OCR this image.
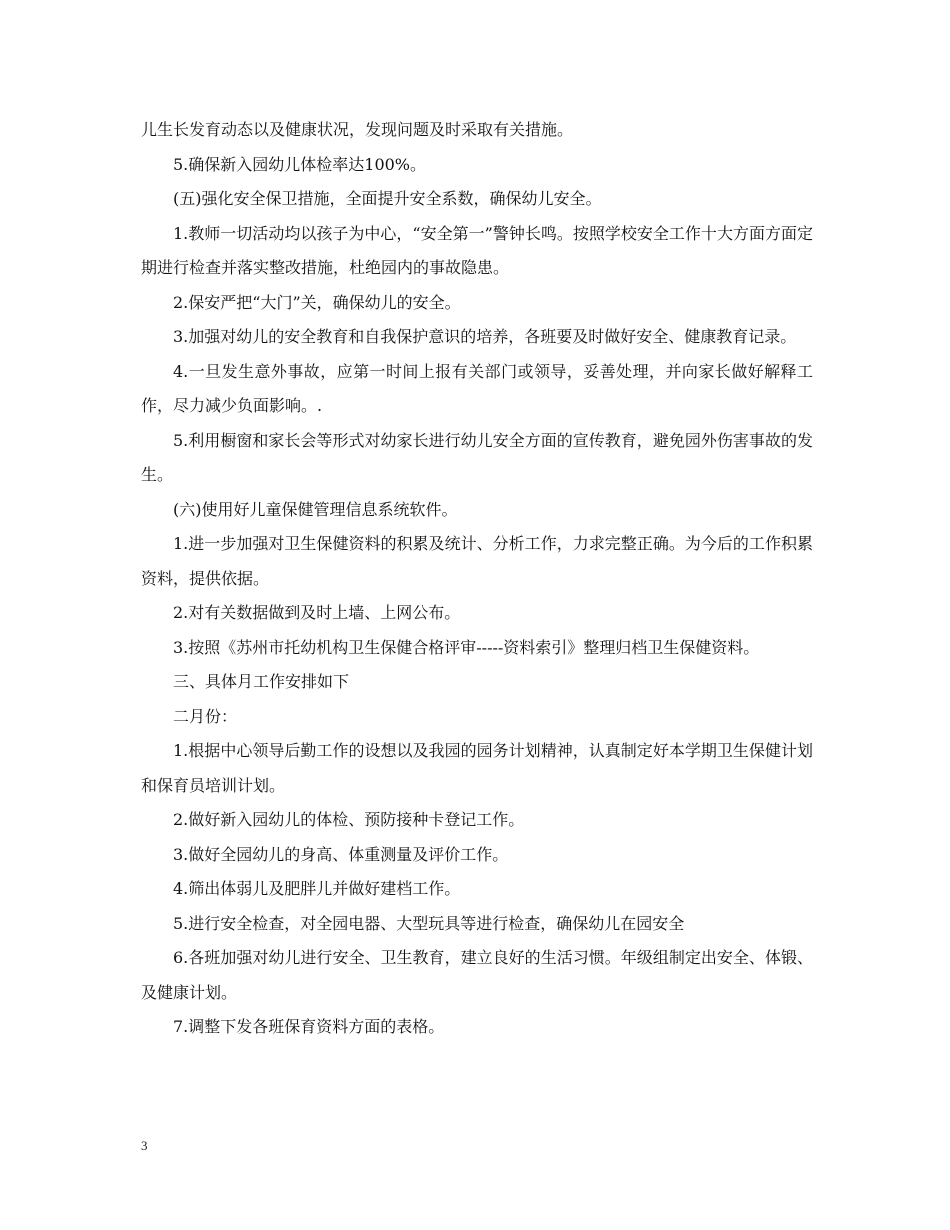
儿生长发育动态以及健康状况，发现问题及时采取有关措施。

5.确保新入园幼儿体检率达100%。

(五)强化安全保卫措施，全面提升安全系数，确保幼儿安全。

1.教师一切活动均以孩子为中心，“安全第一”警钟长鸣。按照学校安全工作十大方面方面定期进行检查并落实整改措施，杜绝园内的事故隐患。

2.保安严把“大门”关，确保幼儿的安全。

3.加强对幼儿的安全教育和自我保护意识的培养，各班要及时做好安全、健康教育记录。

4.一旦发生意外事故，应第一时间上报有关部门或领导，妥善处理，并向家长做好解释工作，尽力减少负面影响。.

5.利用橱窗和家长会等形式对幼家长进行幼儿安全方面的宣传教育，避免园外伤害事故的发生。

(六)使用好儿童保健管理信息系统软件。

1.进一步加强对卫生保健资料的积累及统计、分析工作，力求完整正确。为今后的工作积累资料，提供依据。

2.对有关数据做到及时上墙、上网公布。

3.按照《苏州市托幼机构卫生保健合格评审-----资料索引》整理归档卫生保健资料。

三、具体月工作安排如下

二月份：

1.根据中心领导后勤工作的设想以及我园的园务计划精神，认真制定好本学期卫生保健计划和保育员培训计划。

2.做好新入园幼儿的体检、预防接种卡登记工作。

3.做好全园幼儿的身高、体重测量及评价工作。

4.筛出体弱儿及肥胖儿并做好建档工作。

5.进行安全检查，对全园电器、大型玩具等进行检查，确保幼儿在园安全

6.各班加强对幼儿进行安全、卫生教育，建立良好的生活习惯。年级组制定出安全、体锻、及健康计划。

7.调整下发各班保育资料方面的表格。

3
